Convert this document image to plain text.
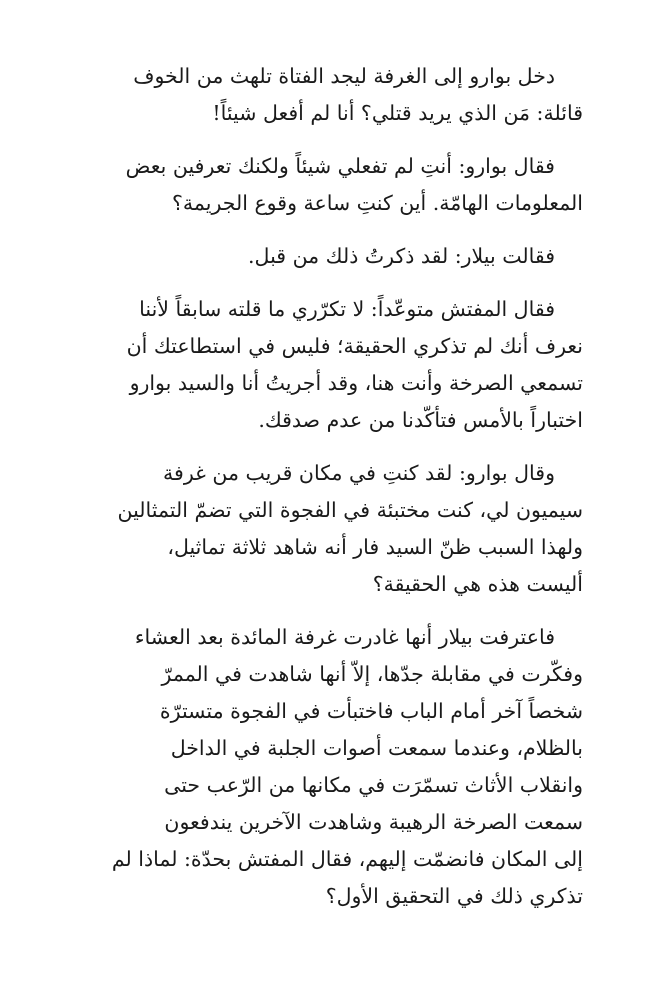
دخل بوارو إلى الغرفة ليجد الفتاة تلهث من الخوف
قائلة: مَن الذي يريد قتلي؟ أنا لم أفعل شيئاً!

فقال بوارو: أنتِ لم تفعلي شيئاً ولكنك تعرفين بعض
المعلومات الهامّة. أين كنتِ ساعة وقوع الجريمة؟

فقالت بيلار: لقد ذكرتُ ذلك من قبل.

فقال المفتش متوعّداً: لا تكرّري ما قلته سابقاً لأننا
نعرف أنك لم تذكري الحقيقة؛ فليس في استطاعتك أن
تسمعي الصرخة وأنت هنا، وقد أجريتُ أنا والسيد بوارو
اختباراً بالأمس فتأكّدنا من عدم صدقك.

وقال بوارو: لقد كنتِ في مكان قريب من غرفة
سيميون لي، كنت مختبئة في الفجوة التي تضمّ التمثالين
ولهذا السبب ظنّ السيد فار أنه شاهد ثلاثة تماثيل،
أليست هذه هي الحقيقة؟

فاعترفت بيلار أنها غادرت غرفة المائدة بعد العشاء
وفكّرت في مقابلة جدّها، إلاّ أنها شاهدت في الممرّ
شخصاً آخر أمام الباب فاختبأت في الفجوة متسترّة
بالظلام، وعندما سمعت أصوات الجلبة في الداخل
وانقلاب الأثاث تسمّرَت في مكانها من الرّعب حتى
سمعت الصرخة الرهيبة وشاهدت الآخرين يندفعون
إلى المكان فانضمّت إليهم، فقال المفتش بحدّة: لماذا لم
تذكري ذلك في التحقيق الأول؟
